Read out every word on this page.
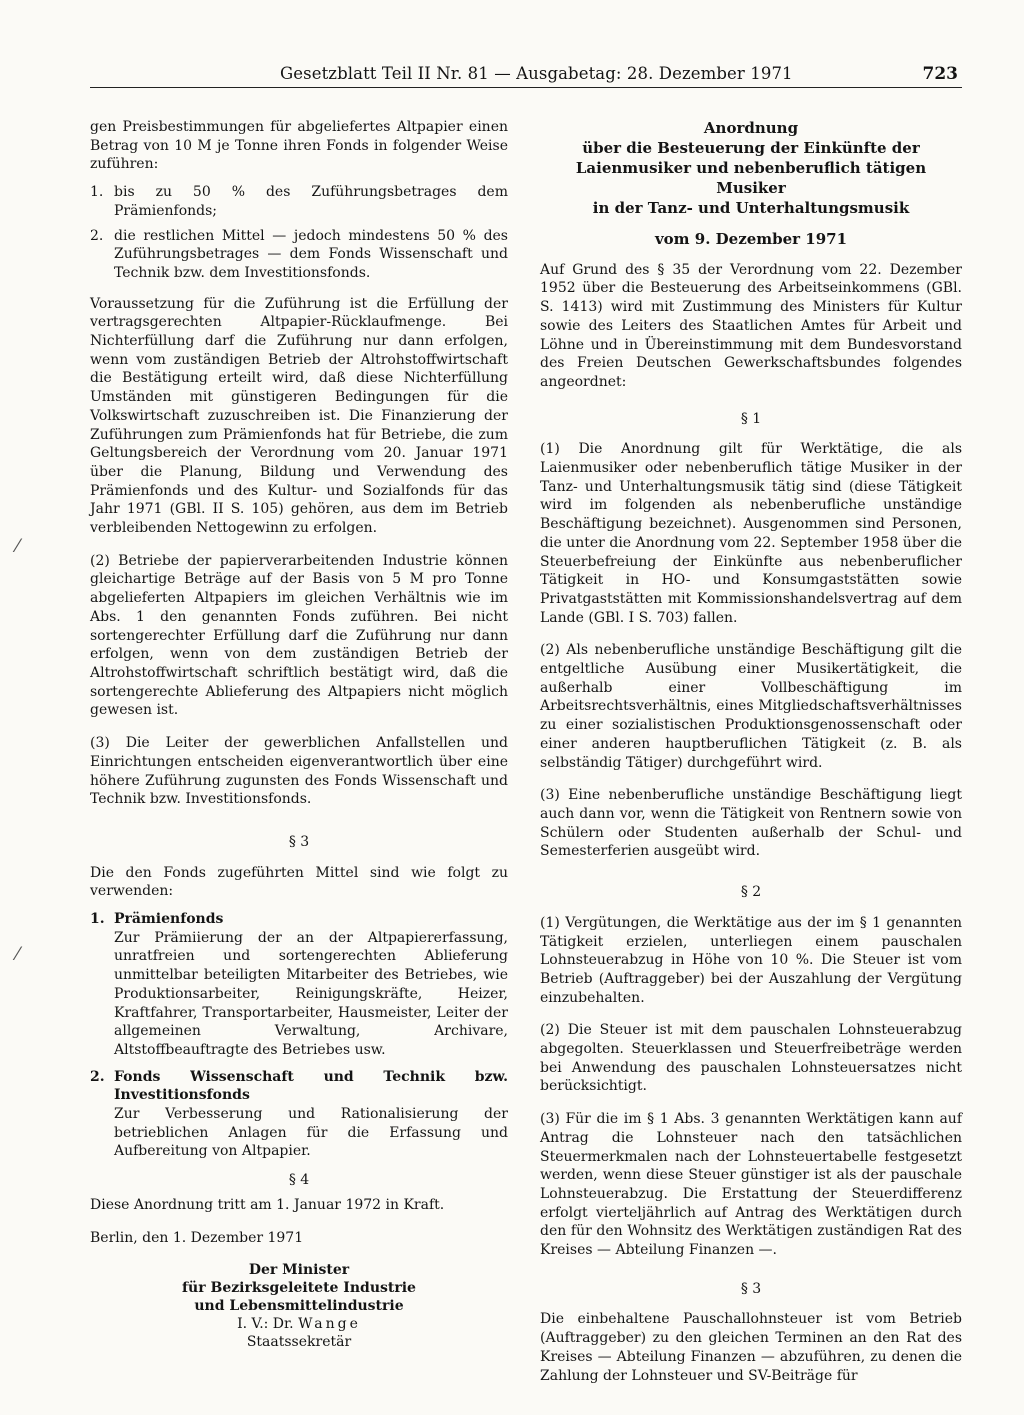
Gesetzblatt Teil II Nr. 81 — Ausgabetag: 28. Dezember 1971	723
⁄
⁄

gen Preisbestimmungen für abgeliefertes Altpapier einen Betrag von 10 M je Tonne ihren Fonds in folgender Weise zuführen:

1. bis zu 50 % des Zuführungsbetrages dem Prämienfonds;
2. die restlichen Mittel — jedoch mindestens 50 % des Zuführungsbetrages — dem Fonds Wissenschaft und Technik bzw. dem Investitionsfonds.

Voraussetzung für die Zuführung ist die Erfüllung der vertragsgerechten Altpapier-Rücklaufmenge. Bei Nichterfüllung darf die Zuführung nur dann erfolgen, wenn vom zuständigen Betrieb der Altrohstoffwirtschaft die Bestätigung erteilt wird, daß diese Nichterfüllung Umständen mit günstigeren Bedingungen für die Volkswirtschaft zuzuschreiben ist. Die Finanzierung der Zuführungen zum Prämienfonds hat für Betriebe, die zum Geltungsbereich der Verordnung vom 20. Januar 1971 über die Planung, Bildung und Verwendung des Prämienfonds und des Kultur- und Sozialfonds für das Jahr 1971 (GBl. II S. 105) gehören, aus dem im Betrieb verbleibenden Nettogewinn zu erfolgen.

(2) Betriebe der papierverarbeitenden Industrie können gleichartige Beträge auf der Basis von 5 M pro Tonne abgelieferten Altpapiers im gleichen Verhältnis wie im Abs. 1 den genannten Fonds zuführen. Bei nicht sortengerechter Erfüllung darf die Zuführung nur dann erfolgen, wenn von dem zuständigen Betrieb der Altrohstoffwirtschaft schriftlich bestätigt wird, daß die sortengerechte Ablieferung des Altpapiers nicht möglich gewesen ist.

(3) Die Leiter der gewerblichen Anfallstellen und Einrichtungen entscheiden eigenverantwortlich über eine höhere Zuführung zugunsten des Fonds Wissenschaft und Technik bzw. Investitionsfonds.

§ 3

Die den Fonds zugeführten Mittel sind wie folgt zu verwenden:

1. Prämienfonds

Zur Prämiierung der an der Altpapiererfassung, unratfreien und sortengerechten Ablieferung unmittelbar beteiligten Mitarbeiter des Betriebes, wie Produktionsarbeiter, Reinigungskräfte, Heizer, Kraftfahrer, Transportarbeiter, Hausmeister, Leiter der allgemeinen Verwaltung, Archivare, Altstoffbeauftragte des Betriebes usw.

2. Fonds Wissenschaft und Technik bzw. Investitionsfonds

Zur Verbesserung und Rationalisierung der betrieblichen Anlagen für die Erfassung und Aufbereitung von Altpapier.

§ 4

Diese Anordnung tritt am 1. Januar 1972 in Kraft.

Berlin, den 1. Dezember 1971

Der Minister
für Bezirksgeleitete Industrie
und Lebensmittelindustrie
I. V.: Dr. Wange
Staatssekretär
Anordnung
über die Besteuerung der Einkünfte der
Laienmusiker und nebenberuflich tätigen Musiker
in der Tanz- und Unterhaltungsmusik
vom 9. Dezember 1971

Auf Grund des § 35 der Verordnung vom 22. Dezember 1952 über die Besteuerung des Arbeitseinkommens (GBl. S. 1413) wird mit Zustimmung des Ministers für Kultur sowie des Leiters des Staatlichen Amtes für Arbeit und Löhne und in Übereinstimmung mit dem Bundesvorstand des Freien Deutschen Gewerkschaftsbundes folgendes angeordnet:

§ 1

(1) Die Anordnung gilt für Werktätige, die als Laienmusiker oder nebenberuflich tätige Musiker in der Tanz- und Unterhaltungsmusik tätig sind (diese Tätigkeit wird im folgenden als nebenberufliche unständige Beschäftigung bezeichnet). Ausgenommen sind Personen, die unter die Anordnung vom 22. September 1958 über die Steuerbefreiung der Einkünfte aus nebenberuflicher Tätigkeit in HO- und Konsumgaststätten sowie Privatgaststätten mit Kommissionshandelsvertrag auf dem Lande (GBl. I S. 703) fallen.

(2) Als nebenberufliche unständige Beschäftigung gilt die entgeltliche Ausübung einer Musikertätigkeit, die außerhalb einer Vollbeschäftigung im Arbeitsrechtsverhältnis, eines Mitgliedschaftsverhältnisses zu einer sozialistischen Produktionsgenossenschaft oder einer anderen hauptberuflichen Tätigkeit (z. B. als selbständig Tätiger) durchgeführt wird.

(3) Eine nebenberufliche unständige Beschäftigung liegt auch dann vor, wenn die Tätigkeit von Rentnern sowie von Schülern oder Studenten außerhalb der Schul- und Semesterferien ausgeübt wird.

§ 2

(1) Vergütungen, die Werktätige aus der im § 1 genannten Tätigkeit erzielen, unterliegen einem pauschalen Lohnsteuerabzug in Höhe von 10 %. Die Steuer ist vom Betrieb (Auftraggeber) bei der Auszahlung der Vergütung einzubehalten.

(2) Die Steuer ist mit dem pauschalen Lohnsteuerabzug abgegolten. Steuerklassen und Steuerfreibeträge werden bei Anwendung des pauschalen Lohnsteuersatzes nicht berücksichtigt.

(3) Für die im § 1 Abs. 3 genannten Werktätigen kann auf Antrag die Lohnsteuer nach den tatsächlichen Steuermerkmalen nach der Lohnsteuertabelle festgesetzt werden, wenn diese Steuer günstiger ist als der pauschale Lohnsteuerabzug. Die Erstattung der Steuerdifferenz erfolgt vierteljährlich auf Antrag des Werktätigen durch den für den Wohnsitz des Werktätigen zuständigen Rat des Kreises — Abteilung Finanzen —.

§ 3

Die einbehaltene Pauschallohnsteuer ist vom Betrieb (Auftraggeber) zu den gleichen Terminen an den Rat des Kreises — Abteilung Finanzen — abzuführen, zu denen die Zahlung der Lohnsteuer und SV-Beiträge für
